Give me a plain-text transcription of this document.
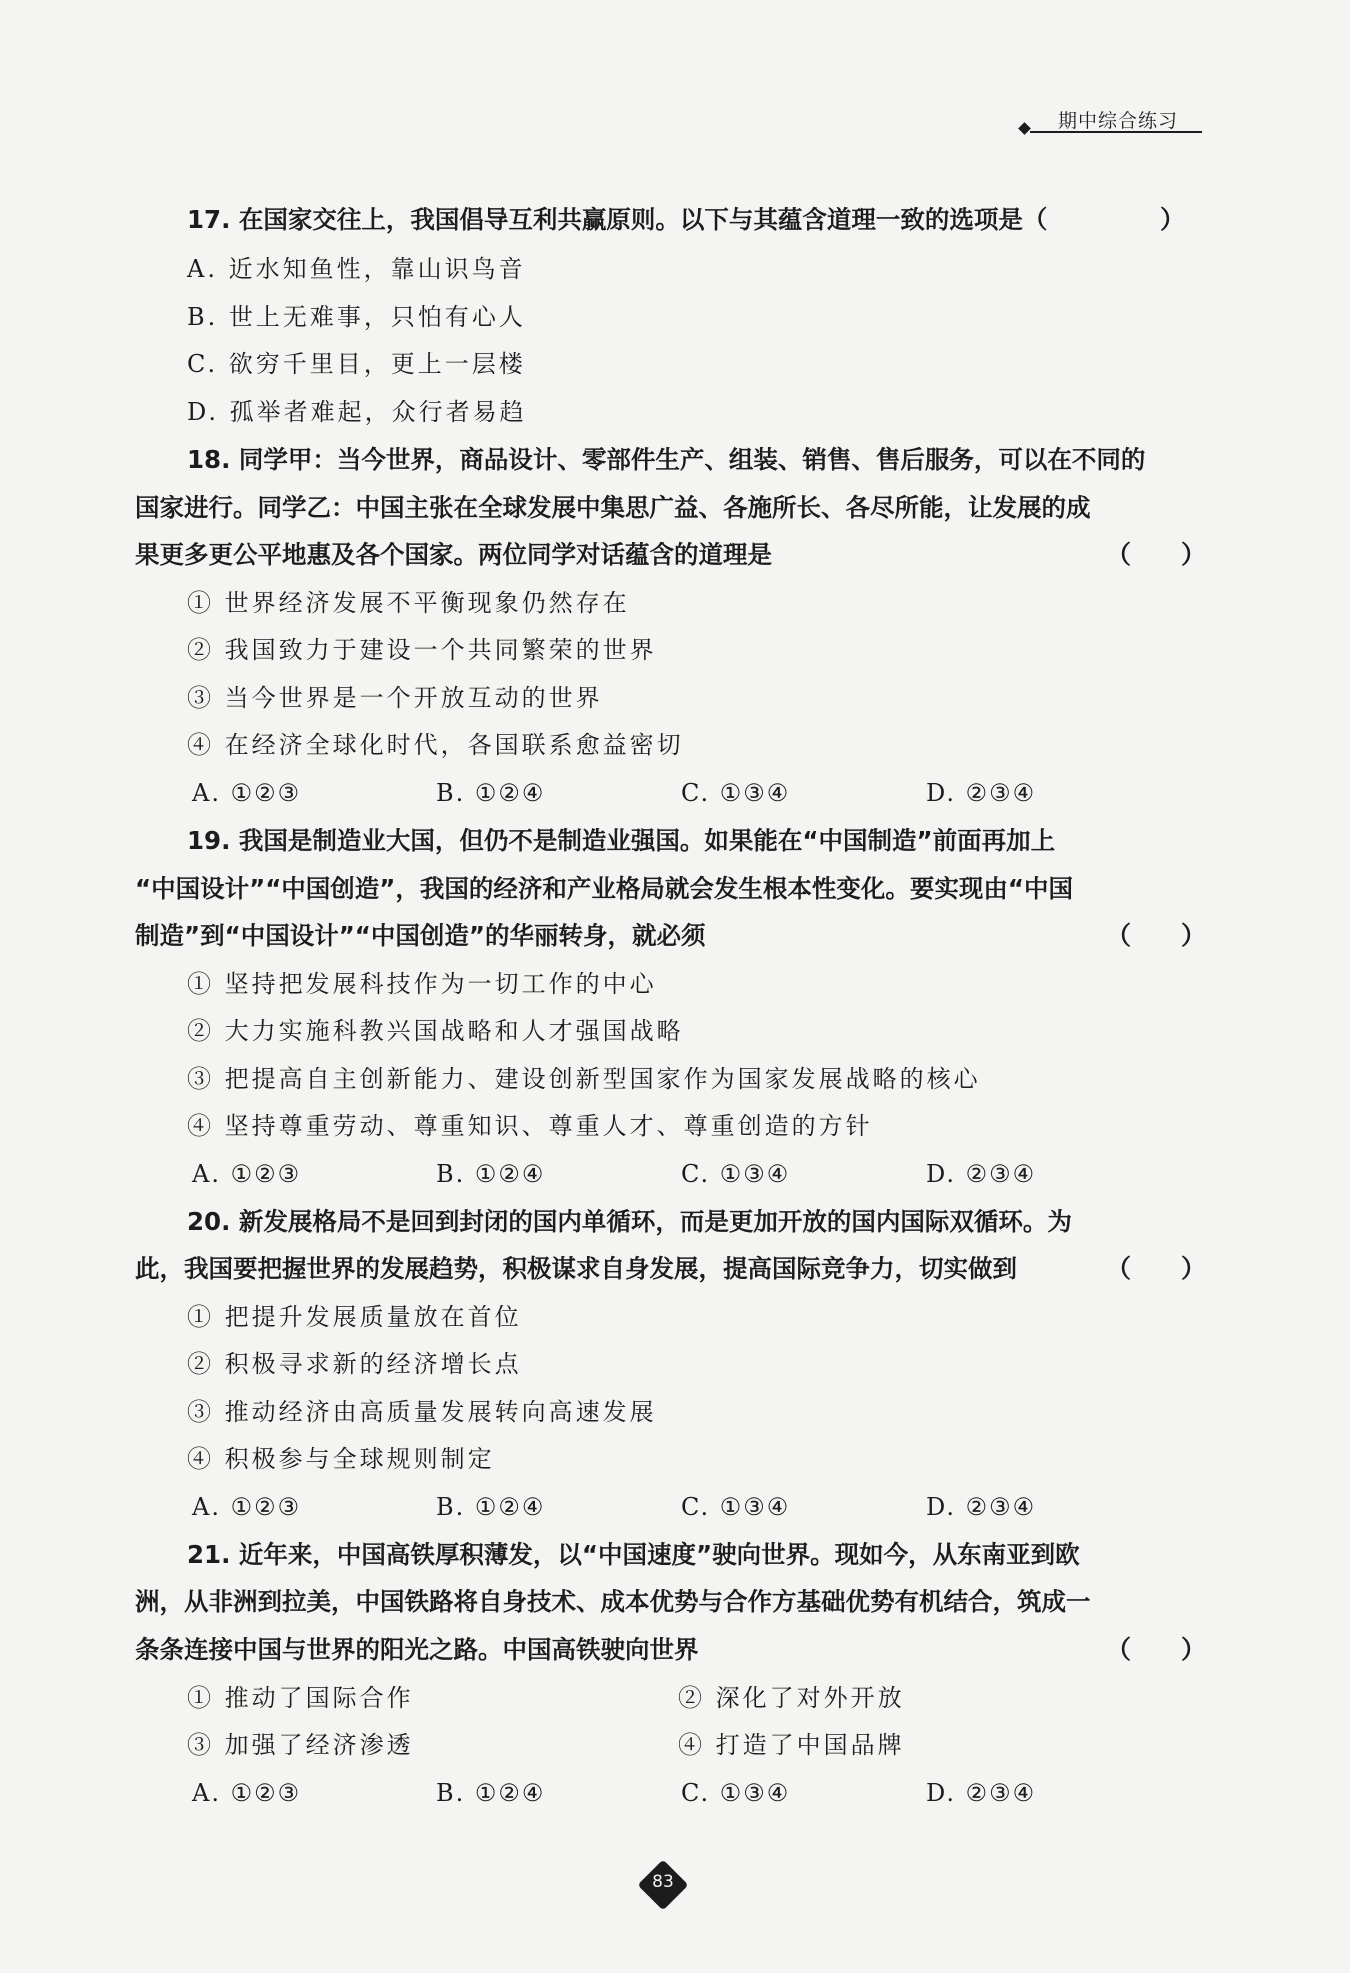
期中综合练习
17. 在国家交往上，我国倡导互利共赢原则。以下与其蕴含道理一致的选项是（	）
A. 近水知鱼性，靠山识鸟音
B. 世上无难事，只怕有心人
C. 欲穷千里目，更上一层楼
D. 孤举者难起，众行者易趋
18. 同学甲：当今世界，商品设计、零部件生产、组装、销售、售后服务，可以在不同的
国家进行。同学乙：中国主张在全球发展中集思广益、各施所长、各尽所能，让发展的成
果更多更公平地惠及各个国家。两位同学对话蕴含的道理是	（　　）
① 世界经济发展不平衡现象仍然存在
② 我国致力于建设一个共同繁荣的世界
③ 当今世界是一个开放互动的世界
④ 在经济全球化时代，各国联系愈益密切
A. ①②③	B. ①②④	C. ①③④	D. ②③④
19. 我国是制造业大国，但仍不是制造业强国。如果能在“中国制造”前面再加上
“中国设计”“中国创造”，我国的经济和产业格局就会发生根本性变化。要实现由“中国
制造”到“中国设计”“中国创造”的华丽转身，就必须	（　　）
① 坚持把发展科技作为一切工作的中心
② 大力实施科教兴国战略和人才强国战略
③ 把提高自主创新能力、建设创新型国家作为国家发展战略的核心
④ 坚持尊重劳动、尊重知识、尊重人才、尊重创造的方针
A. ①②③	B. ①②④	C. ①③④	D. ②③④
20. 新发展格局不是回到封闭的国内单循环，而是更加开放的国内国际双循环。为
此，我国要把握世界的发展趋势，积极谋求自身发展，提高国际竞争力，切实做到	（　　）
① 把提升发展质量放在首位
② 积极寻求新的经济增长点
③ 推动经济由高质量发展转向高速发展
④ 积极参与全球规则制定
A. ①②③	B. ①②④	C. ①③④	D. ②③④
21. 近年来，中国高铁厚积薄发，以“中国速度”驶向世界。现如今，从东南亚到欧
洲，从非洲到拉美，中国铁路将自身技术、成本优势与合作方基础优势有机结合，筑成一
条条连接中国与世界的阳光之路。中国高铁驶向世界	（　　）
① 推动了国际合作	② 深化了对外开放
③ 加强了经济渗透	④ 打造了中国品牌
A. ①②③	B. ①②④	C. ①③④	D. ②③④
83
